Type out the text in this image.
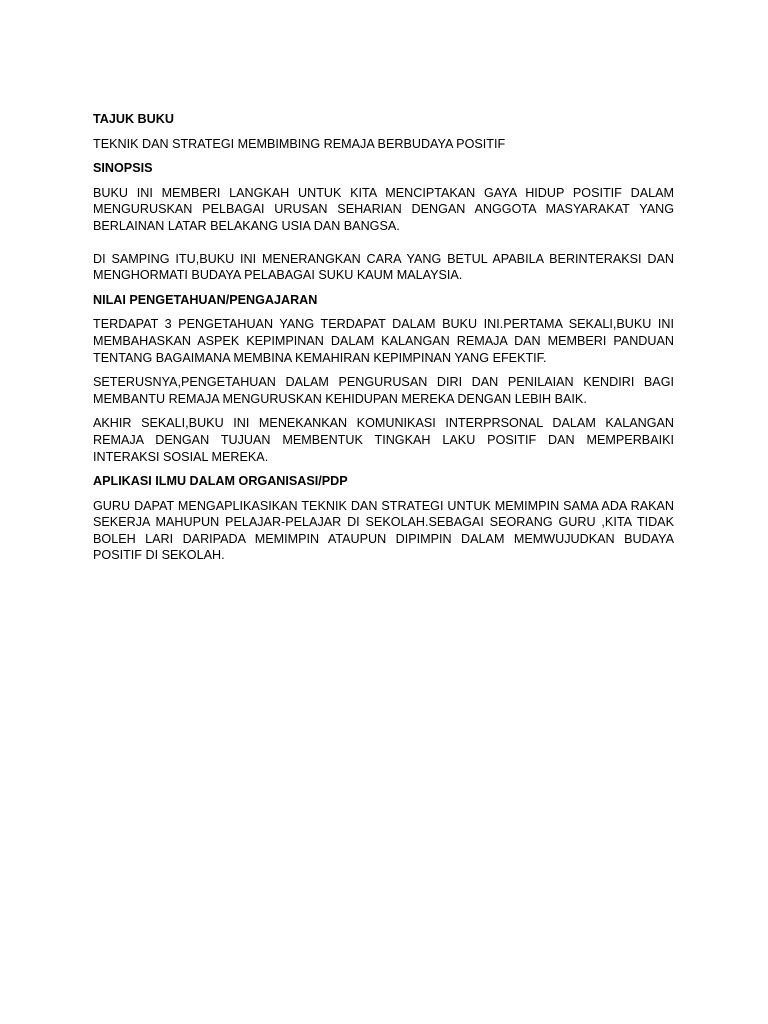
TAJUK BUKU

TEKNIK DAN STRATEGI MEMBIMBING REMAJA BERBUDAYA POSITIF

SINOPSIS

BUKU INI MEMBERI LANGKAH UNTUK KITA MENCIPTAKAN GAYA HIDUP POSITIF DALAM MENGURUSKAN PELBAGAI URUSAN SEHARIAN DENGAN ANGGOTA MASYARAKAT YANG BERLAINAN LATAR BELAKANG USIA DAN BANGSA.

DI SAMPING ITU,BUKU INI MENERANGKAN CARA YANG BETUL APABILA BERINTERAKSI DAN MENGHORMATI BUDAYA PELABAGAI SUKU KAUM MALAYSIA.

NILAI PENGETAHUAN/PENGAJARAN

TERDAPAT 3 PENGETAHUAN YANG TERDAPAT DALAM BUKU INI.PERTAMA SEKALI,BUKU INI MEMBAHASKAN ASPEK KEPIMPINAN DALAM KALANGAN REMAJA DAN MEMBERI PANDUAN TENTANG BAGAIMANA MEMBINA KEMAHIRAN KEPIMPINAN YANG EFEKTIF.

SETERUSNYA,PENGETAHUAN DALAM PENGURUSAN DIRI DAN PENILAIAN KENDIRI BAGI MEMBANTU REMAJA MENGURUSKAN KEHIDUPAN MEREKA DENGAN LEBIH BAIK.

AKHIR SEKALI,BUKU INI MENEKANKAN KOMUNIKASI INTERPRSONAL DALAM KALANGAN REMAJA DENGAN TUJUAN MEMBENTUK TINGKAH LAKU POSITIF DAN MEMPERBAIKI INTERAKSI SOSIAL MEREKA.

APLIKASI ILMU DALAM ORGANISASI/PDP

GURU DAPAT MENGAPLIKASIKAN TEKNIK DAN STRATEGI UNTUK MEMIMPIN SAMA ADA RAKAN SEKERJA MAHUPUN PELAJAR-PELAJAR DI SEKOLAH.SEBAGAI SEORANG GURU ,KITA TIDAK BOLEH LARI DARIPADA MEMIMPIN ATAUPUN DIPIMPIN DALAM MEMWUJUDKAN BUDAYA POSITIF DI SEKOLAH.
